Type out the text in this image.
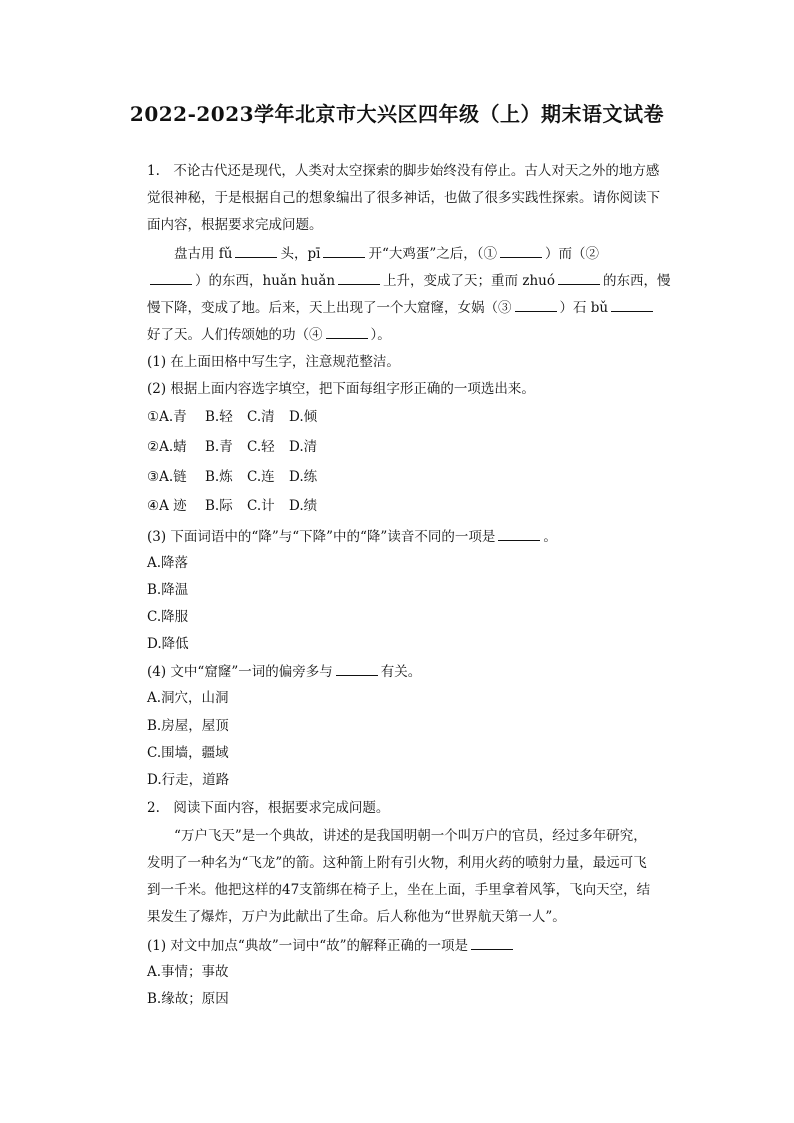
2022-2023学年北京市大兴区四年级（上）期末语文试卷
1.　不论古代还是现代，人类对太空探索的脚步始终没有停止。古人对天之外的地方感
觉很神秘，于是根据自己的想象编出了很多神话，也做了很多实践性探索。请你阅读下
面内容，根据要求完成问题。
盘古用 fǔ	头，pī	开“大鸡蛋”之后，（①	）而（②
）的东西，huǎn huǎn	上升，变成了天；重而 zhuó	的东西，慢
慢下降，变成了地。后来，天上出现了一个大窟窿，女娲（③	）石 bǔ
好了天。人们传颂她的功（④	）。
(1) 在上面田格中写生字，注意规范整洁。
(2) 根据上面内容选字填空，把下面每组字形正确的一项选出来。
①A.青 B.轻 C.清 D.倾
②A.蜻 B.青 C.轻 D.清
③A.链 B.炼 C.连 D.练
④A 迹 B.际 C.计 D.绩
(3) 下面词语中的“降”与“下降”中的“降”读音不同的一项是	。
A.降落
B.降温
C.降服
D.降低
(4) 文中“窟窿”一词的偏旁多与	有关。
A.洞穴，山洞
B.房屋，屋顶
C.围墙，疆域
D.行走，道路
2.　阅读下面内容，根据要求完成问题。
“万户飞天”是一个典故，讲述的是我国明朝一个叫万户的官员，经过多年研究，
发明了一种名为“飞龙”的箭。这种箭上附有引火物，利用火药的喷射力量，最远可飞
到一千米。他把这样的47支箭绑在椅子上，坐在上面，手里拿着风筝，飞向天空，结
果发生了爆炸，万户为此献出了生命。后人称他为“世界航天第一人”。
(1) 对文中加点“典故”一词中“故”的解释正确的一项是
A.事情；事故
B.缘故；原因
